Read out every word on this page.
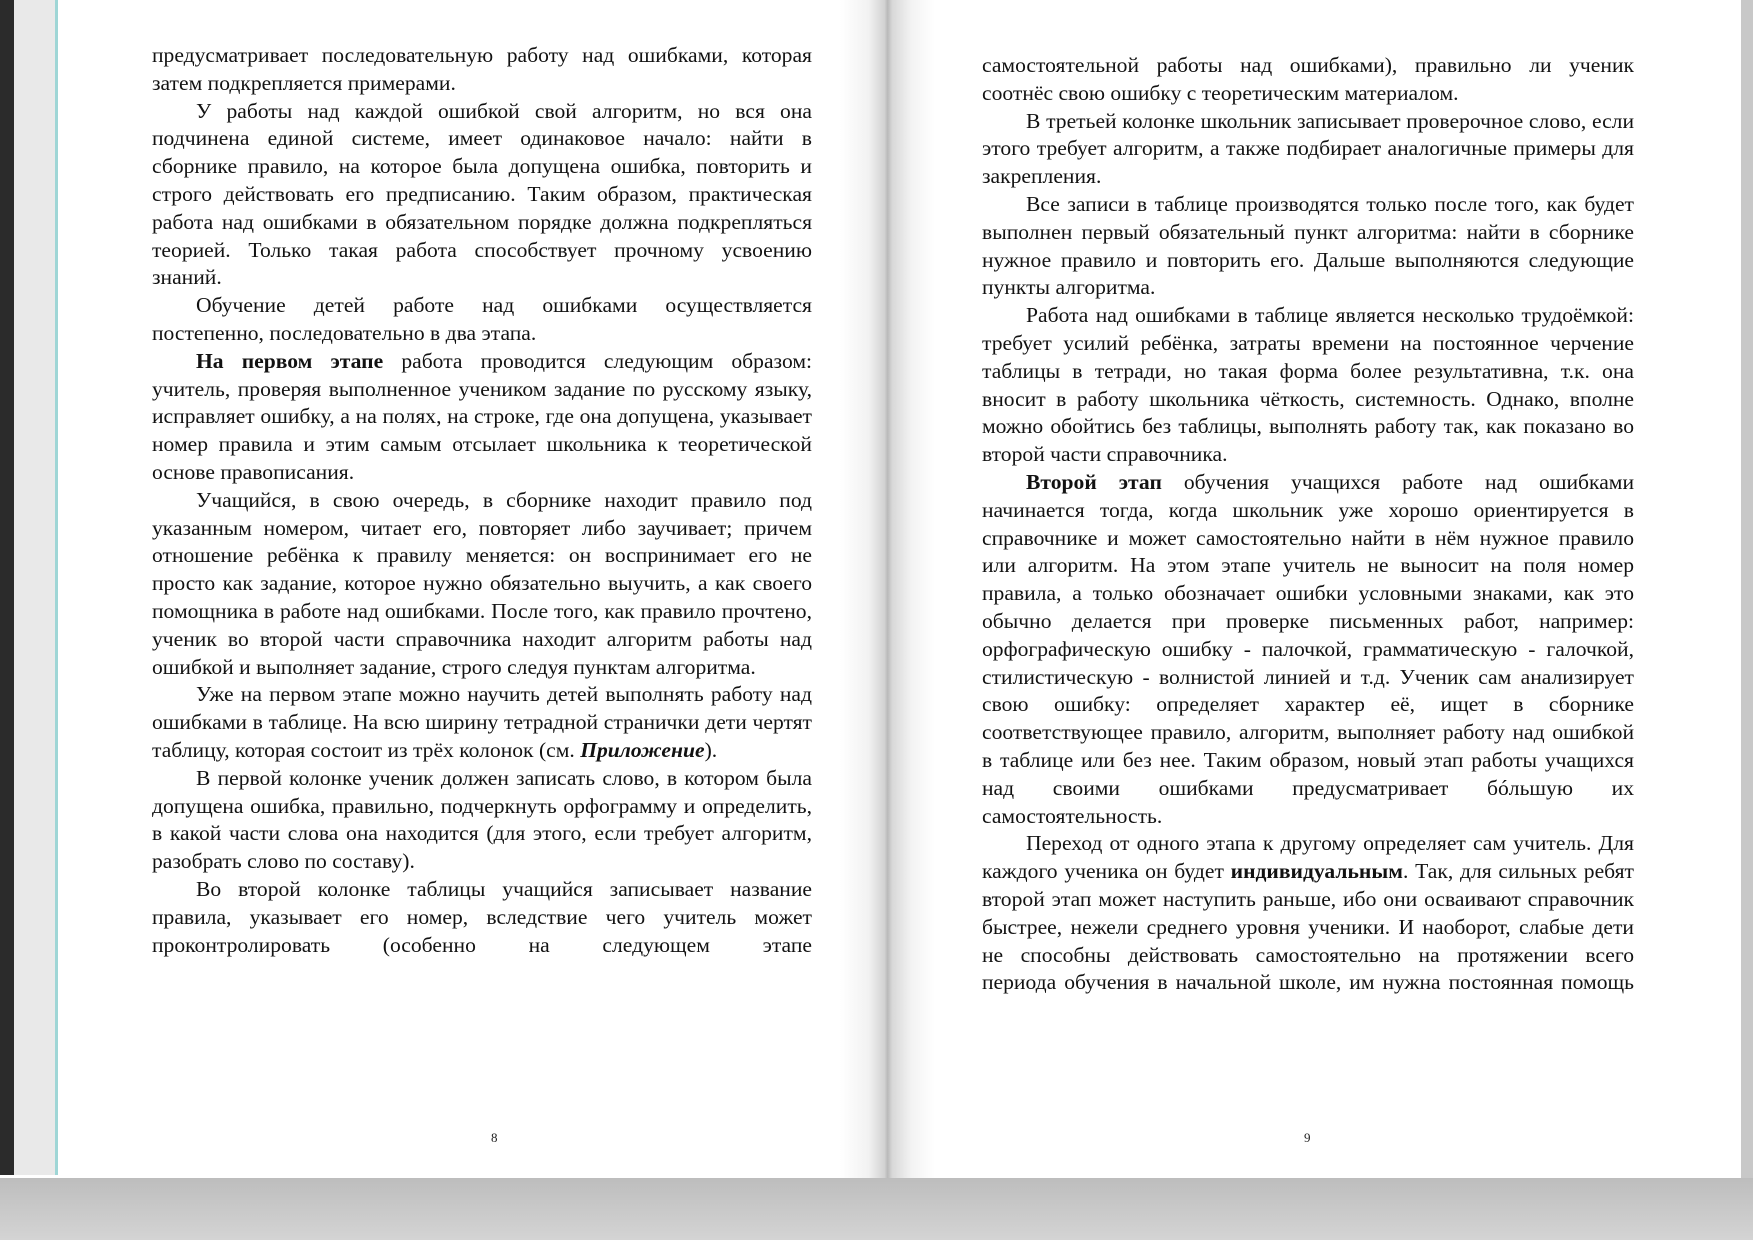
предусматривает последовательную работу над ошибками, которая затем подкрепляется примерами.

У работы над каждой ошибкой свой алгоритм, но вся она подчинена единой системе, имеет одинаковое начало: найти в сборнике правило, на которое была допущена ошибка, повторить и строго действовать его предписанию. Таким образом, практическая работа над ошибками в обязательном порядке должна подкрепляться теорией. Только такая работа способствует прочному усвоению знаний.

Обучение детей работе над ошибками осуществляется постепенно, последовательно в два этапа.

На первом этапе работа проводится следующим образом: учитель, проверяя выполненное учеником задание по русскому языку, исправляет ошибку, а на полях, на строке, где она допущена, указывает номер правила и этим самым отсылает школьника к теоретической основе правописания.

Учащийся, в свою очередь, в сборнике находит правило под указанным номером, читает его, повторяет либо заучивает; причем отношение ребёнка к правилу меняется: он воспринимает его не просто как задание, которое нужно обязательно выучить, а как своего помощника в работе над ошибками. После того, как правило прочтено, ученик во второй части справочника находит алгоритм работы над ошибкой и выполняет задание, строго следуя пунктам алгоритма.

Уже на первом этапе можно научить детей выполнять работу над ошибками в таблице. На всю ширину тетрадной странички дети чертят таблицу, которая состоит из трёх колонок (см. Приложение).

В первой колонке ученик должен записать слово, в котором была допущена ошибка, правильно, подчеркнуть орфограмму и определить, в какой части слова она находится (для этого, если требует алгоритм, разобрать слово по составу).

Во второй колонке таблицы учащийся записывает название правила, указывает его номер, вследствие чего учитель может проконтролировать (особенно на следующем этапе

8

самостоятельной работы над ошибками), правильно ли ученик соотнёс свою ошибку с теоретическим материалом.

В третьей колонке школьник записывает проверочное слово, если этого требует алгоритм, а также подбирает аналогичные примеры для закрепления.

Все записи в таблице производятся только после того, как будет выполнен первый обязательный пункт алгоритма: найти в сборнике нужное правило и повторить его. Дальше выполняются следующие пункты алгоритма.

Работа над ошибками в таблице является несколько трудоёмкой: требует усилий ребёнка, затраты времени на постоянное черчение таблицы в тетради, но такая форма более результативна, т.к. она вносит в работу школьника чёткость, системность. Однако, вполне можно обойтись без таблицы, выполнять работу так, как показано во второй части справочника.

Второй этап обучения учащихся работе над ошибками начинается тогда, когда школьник уже хорошо ориентируется в справочнике и может самостоятельно найти в нём нужное правило или алгоритм. На этом этапе учитель не выносит на поля номер правила, а только обозначает ошибки условными знаками, как это обычно делается при проверке письменных работ, например: орфографическую ошибку - палочкой, грамматическую - галочкой, стилистическую - волнистой линией и т.д. Ученик сам анализирует свою ошибку: определяет характер её, ищет в сборнике соответствующее правило, алгоритм, выполняет работу над ошибкой в таблице или без нее. Таким образом, новый этап работы учащихся над своими ошибками предусматривает бóльшую их самостоятельность.

Переход от одного этапа к другому определяет сам учитель. Для каждого ученика он будет индивидуальным. Так, для сильных ребят второй этап может наступить раньше, ибо они осваивают справочник быстрее, нежели среднего уровня ученики. И наоборот, слабые дети не способны действовать самостоятельно на протяжении всего периода обучения в начальной школе, им нужна постоянная помощь

9
